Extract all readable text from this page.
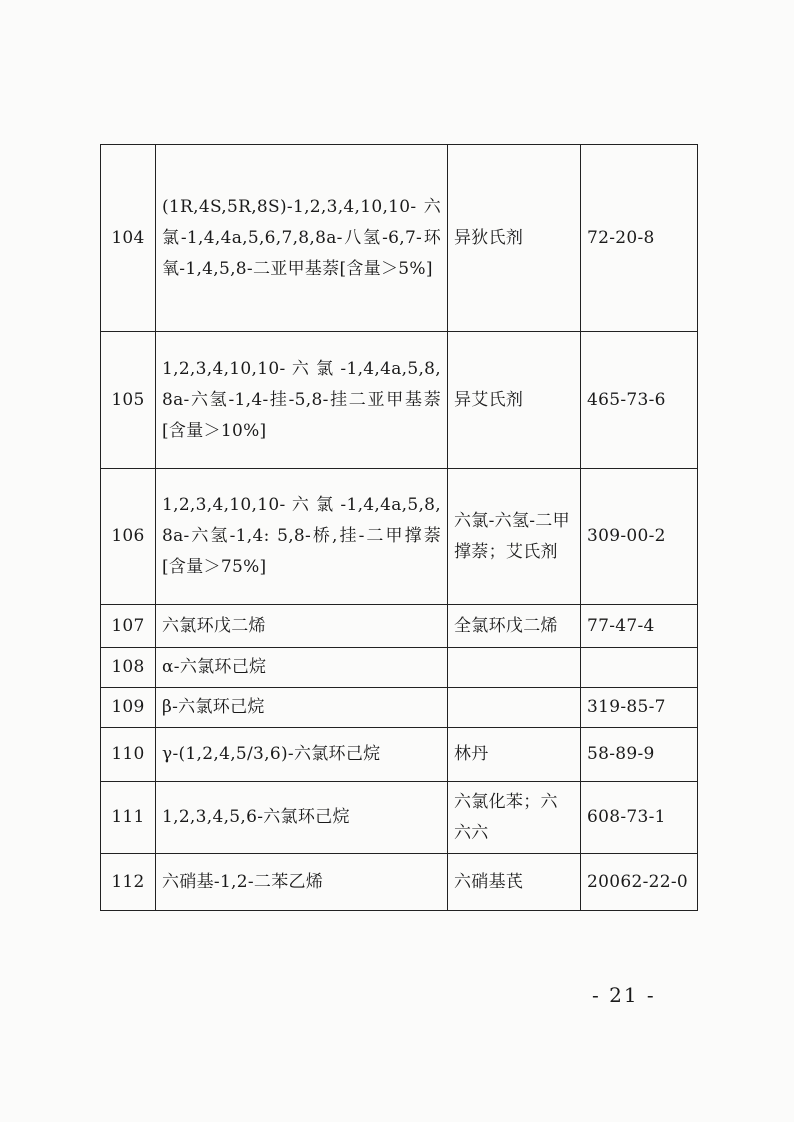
104	(1R,4S,5R,8S)-1,2,3,4,10,10-六氯-1,4,4a,5,6,7,8,8a-八氢-6,7-环氧-1,4,5,8-二亚甲基萘[含量＞5%]	异狄氏剂	72-20-8
105	1,2,3,4,10,10- 六 氯 -1,4,4a,5,8,8a-六氢-1,4-挂-5,8-挂二亚甲基萘[含量＞10%]	异艾氏剂	465-73-6
106	1,2,3,4,10,10- 六 氯 -1,4,4a,5,8,8a-六氢-1,4: 5,8-桥,挂-二甲撑萘[含量＞75%]	六氯-六氢-二甲撑萘；艾氏剂	309-00-2
107	六氯环戊二烯	全氯环戊二烯	77-47-4
108	α-六氯环己烷		
109	β-六氯环己烷		319-85-7
110	γ-(1,2,4,5/3,6)-六氯环己烷	林丹	58-89-9
111	1,2,3,4,5,6-六氯环己烷	六氯化苯；六六六	608-73-1
112	六硝基-1,2-二苯乙烯	六硝基芪	20062-22-0
- 21 -
